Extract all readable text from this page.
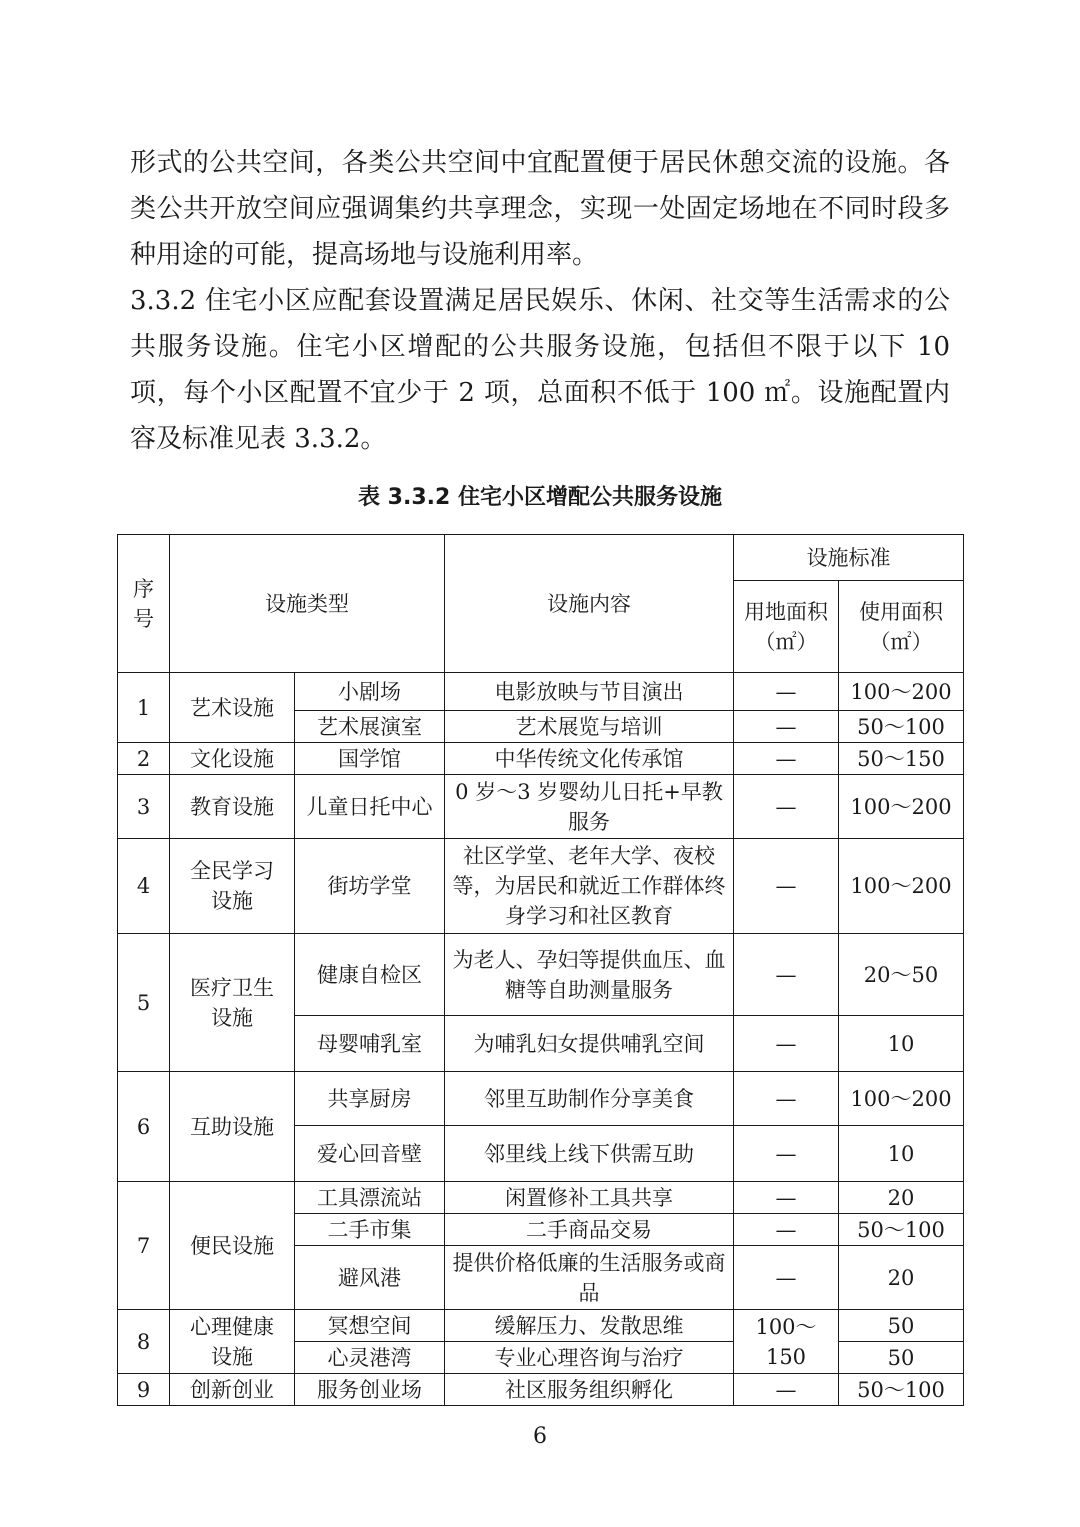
形式的公共空间，各类公共空间中宜配置便于居民休憩交流的设施。各类公共开放空间应强调集约共享理念，实现一处固定场地在不同时段多种用途的可能，提高场地与设施利用率。

3.3.2 住宅小区应配套设置满足居民娱乐、休闲、社交等生活需求的公共服务设施。住宅小区增配的公共服务设施，包括但不限于以下 10 项，每个小区配置不宜少于 2 项，总面积不低于 100 ㎡。设施配置内容及标准见表 3.3.2。

表 3.3.2 住宅小区增配公共服务设施
序号	设施类型		设施内容	设施标准	

				用地面积（㎡）	使用面积（㎡）

1	艺术设施	小剧场	电影放映与节目演出	—	100～200
		艺术展演室	艺术展览与培训	—	50～100
2	文化设施	国学馆	中华传统文化传承馆	—	50～150
3	教育设施	儿童日托中心	0 岁～3 岁婴幼儿日托+早教服务	—	100～200
4	全民学习设施	街坊学堂	社区学堂、老年大学、夜校等，为居民和就近工作群体终身学习和社区教育	—	100～200
5	医疗卫生设施	健康自检区	为老人、孕妇等提供血压、血糖等自助测量服务	—	20～50
		母婴哺乳室	为哺乳妇女提供哺乳空间	—	10
6	互助设施	共享厨房	邻里互助制作分享美食	—	100～200
		爱心回音壁	邻里线上线下供需互助	—	10
7	便民设施	工具漂流站	闲置修补工具共享	—	20
		二手市集	二手商品交易	—	50～100
		避风港	提供价格低廉的生活服务或商品	—	20
8	心理健康设施	冥想空间	缓解压力、发散思维	100～150	50
		心灵港湾	专业心理咨询与治疗		50
9	创新创业	服务创业场	社区服务组织孵化	—	50～100
6
